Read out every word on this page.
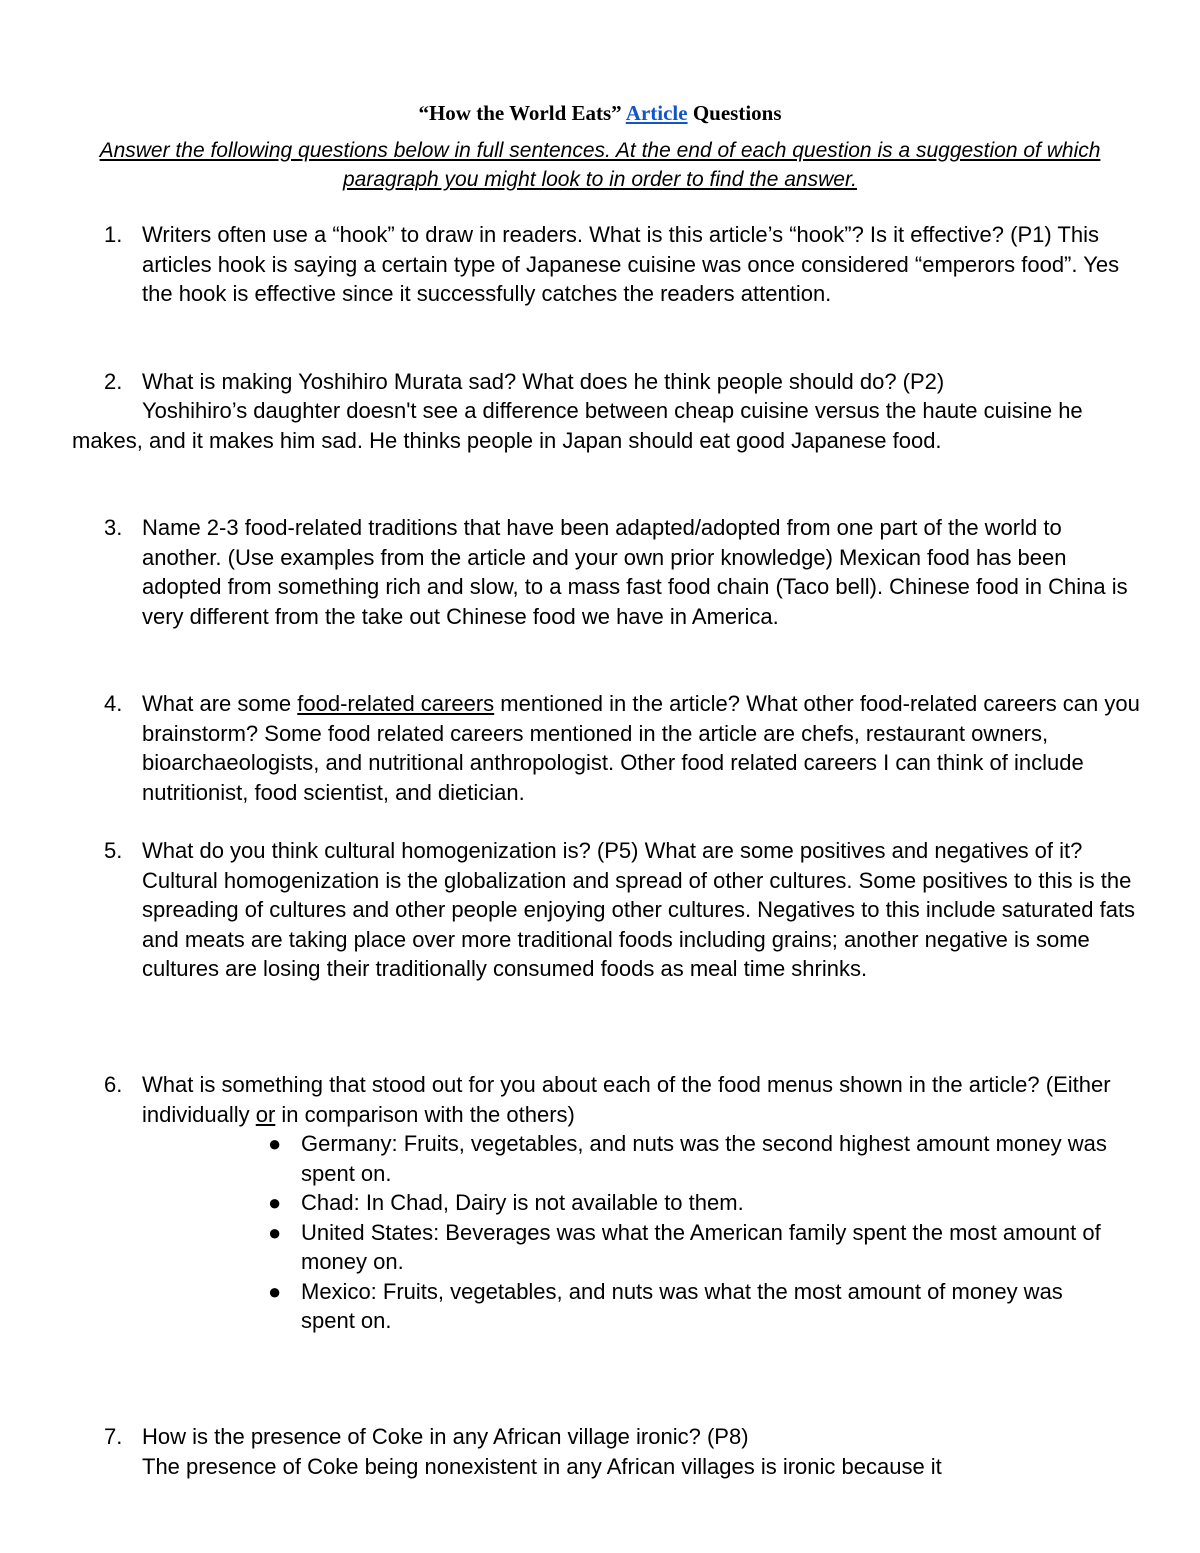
“How the World Eats” Article Questions
Answer the following questions below in full sentences. At the end of each question is a suggestion of which paragraph you might look to in order to find the answer.
1. Writers often use a “hook” to draw in readers. What is this article’s “hook”? Is it effective? (P1) This articles hook is saying a certain type of Japanese cuisine was once considered “emperors food”. Yes the hook is effective since it successfully catches the readers attention.
2. What is making Yoshihiro Murata sad? What does he think people should do? (P2)
Yoshihiro’s daughter doesn't see a difference between cheap cuisine versus the haute cuisine he makes, and it makes him sad. He thinks people in Japan should eat good Japanese food.
3. Name 2-3 food-related traditions that have been adapted/adopted from one part of the world to another. (Use examples from the article and your own prior knowledge) Mexican food has been adopted from something rich and slow, to a mass fast food chain (Taco bell). Chinese food in China is very different from the take out Chinese food we have in America.
4. What are some food-related careers mentioned in the article? What other food-related careers can you brainstorm? Some food related careers mentioned in the article are chefs, restaurant owners, bioarchaeologists, and nutritional anthropologist. Other food related careers I can think of include nutritionist, food scientist, and dietician.
5. What do you think cultural homogenization is? (P5) What are some positives and negatives of it?
Cultural homogenization is the globalization and spread of other cultures. Some positives to this is the spreading of cultures and other people enjoying other cultures. Negatives to this include saturated fats and meats are taking place over more traditional foods including grains; another negative is some cultures are losing their traditionally consumed foods as meal time shrinks.
6. What is something that stood out for you about each of the food menus shown in the article? (Either individually or in comparison with the others)
● Germany: Fruits, vegetables, and nuts was the second highest amount money was spent on.
● Chad: In Chad, Dairy is not available to them.
● United States: Beverages was what the American family spent the most amount of money on.
● Mexico: Fruits, vegetables, and nuts was what the most amount of money was spent on.
7. How is the presence of Coke in any African village ironic? (P8)
The presence of Coke being nonexistent in any African villages is ironic because it
